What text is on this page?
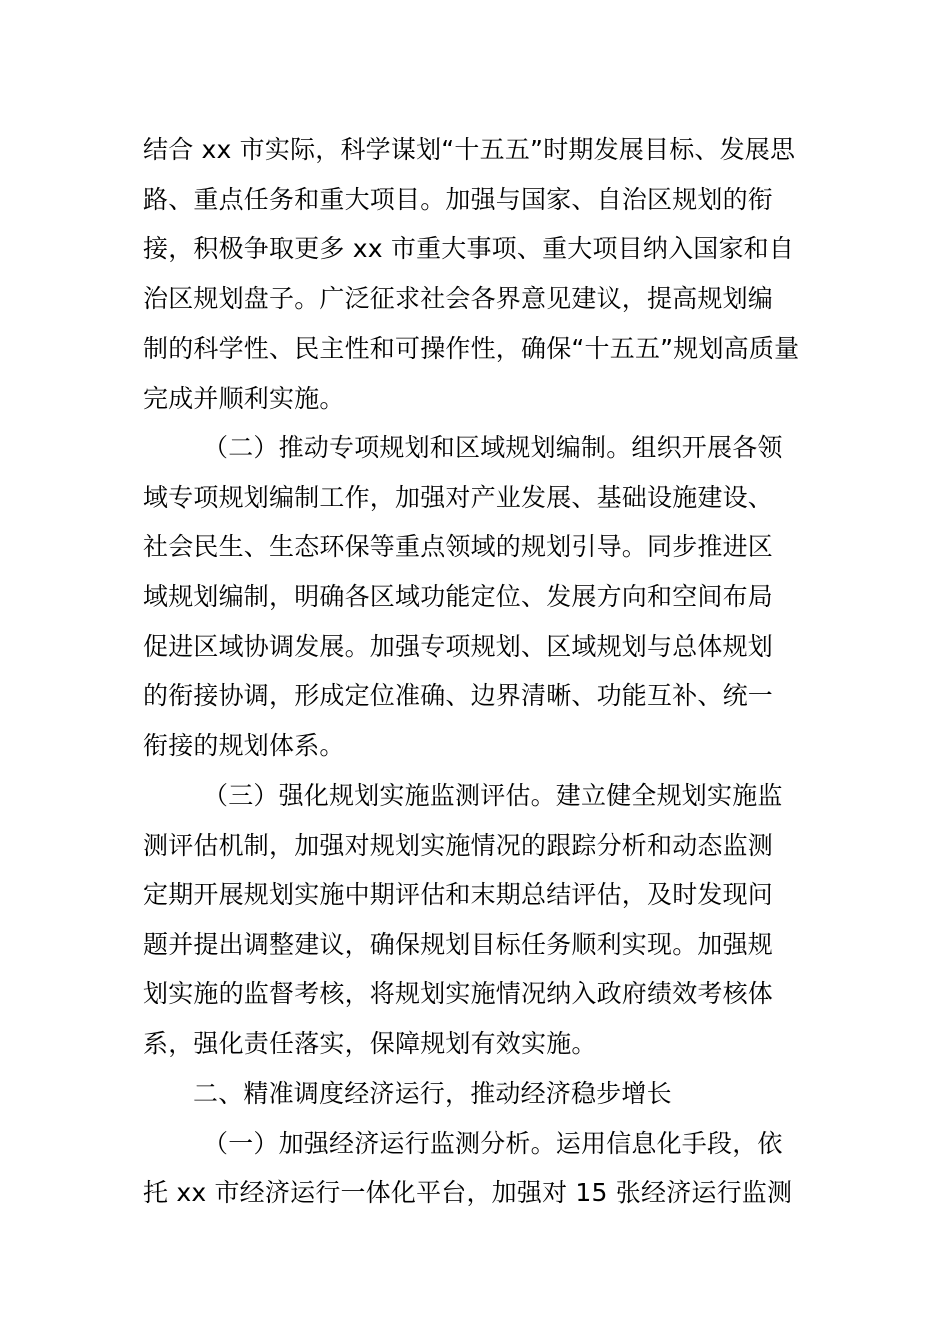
结合 xx 市实际，科学谋划“十五五”时期发展目标、发展思
路、重点任务和重大项目。加强与国家、自治区规划的衔
接，积极争取更多 xx 市重大事项、重大项目纳入国家和自
治区规划盘子。广泛征求社会各界意见建议，提高规划编
制的科学性、民主性和可操作性，确保“十五五”规划高质量
完成并顺利实施。
（二）推动专项规划和区域规划编制。组织开展各领
域专项规划编制工作，加强对产业发展、基础设施建设、
社会民生、生态环保等重点领域的规划引导。同步推进区
域规划编制，明确各区域功能定位、发展方向和空间布局
促进区域协调发展。加强专项规划、区域规划与总体规划
的衔接协调，形成定位准确、边界清晰、功能互补、统一
衔接的规划体系。
（三）强化规划实施监测评估。建立健全规划实施监
测评估机制，加强对规划实施情况的跟踪分析和动态监测
定期开展规划实施中期评估和末期总结评估，及时发现问
题并提出调整建议，确保规划目标任务顺利实现。加强规
划实施的监督考核，将规划实施情况纳入政府绩效考核体
系，强化责任落实，保障规划有效实施。
二、精准调度经济运行，推动经济稳步增长
（一）加强经济运行监测分析。运用信息化手段，依
托 xx 市经济运行一体化平台，加强对 15 张经济运行监测
